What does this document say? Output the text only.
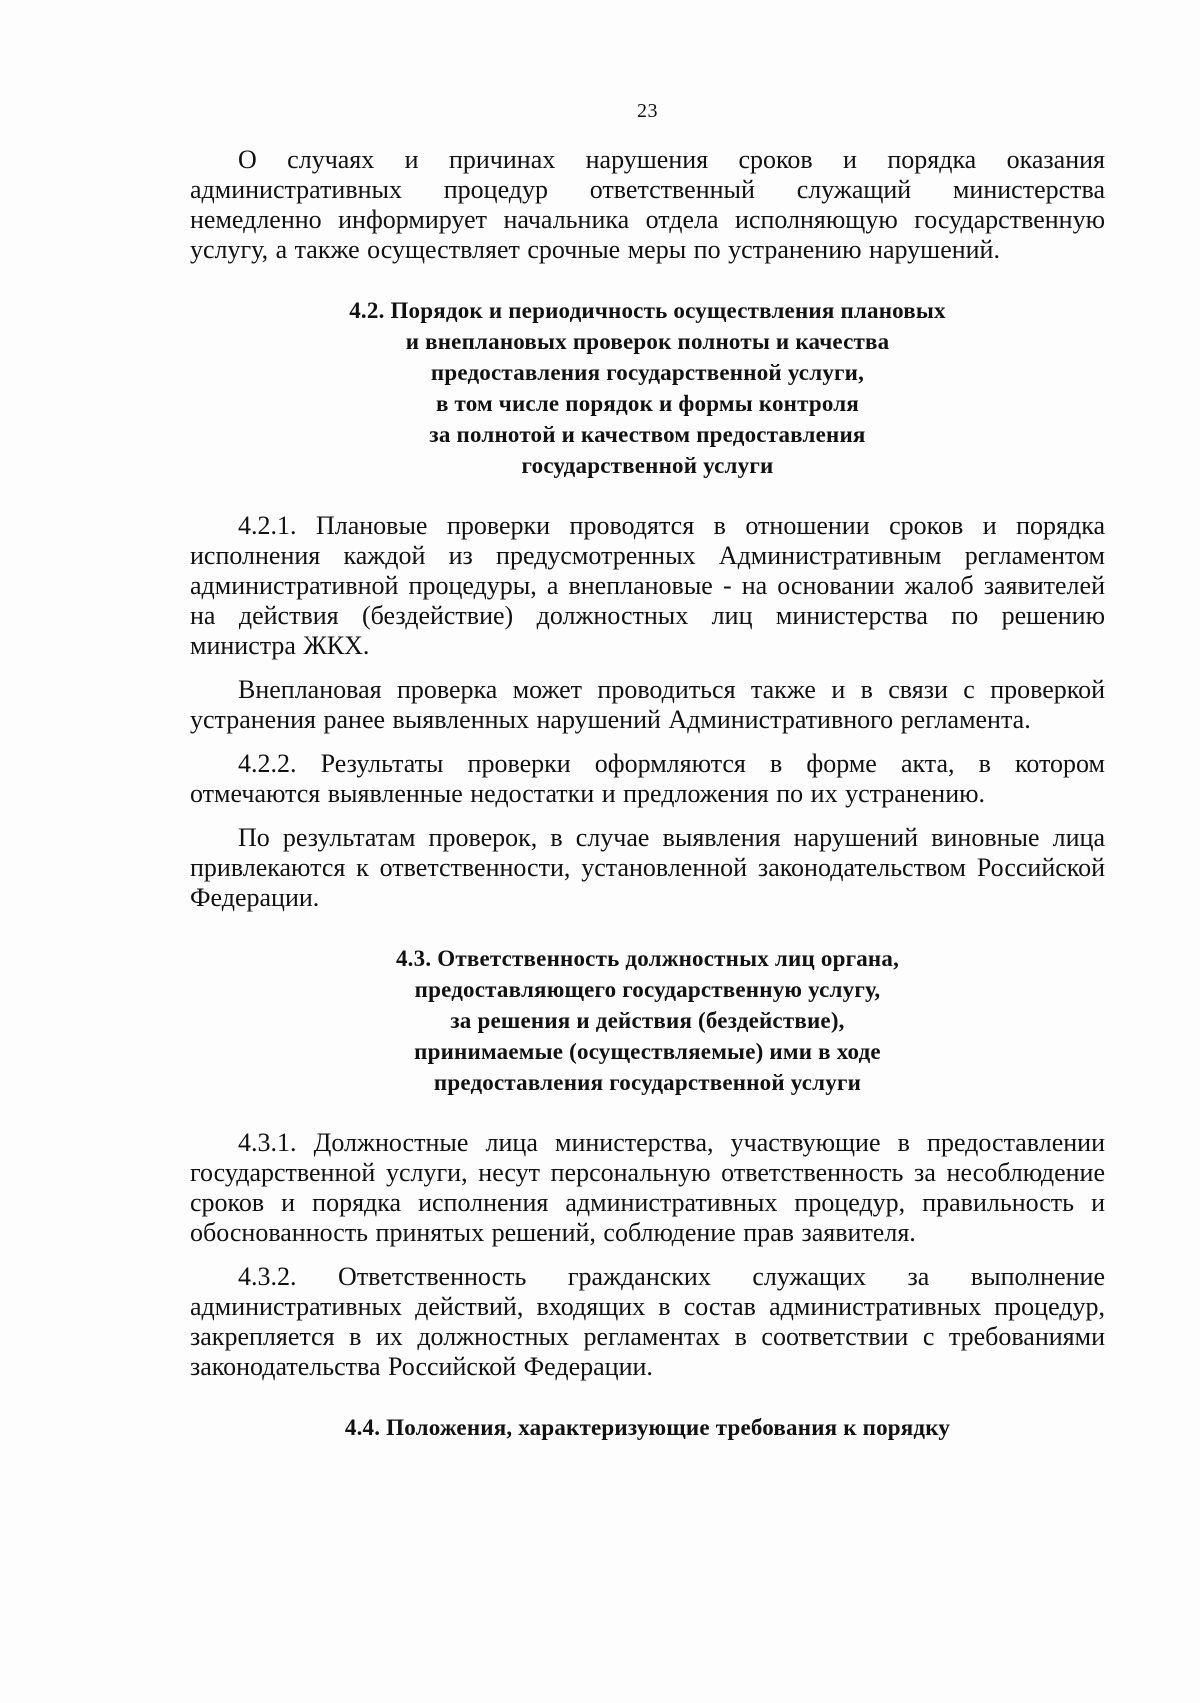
23

О случаях и причинах нарушения сроков и порядка оказания административных процедур ответственный служащий министерства немедленно информирует начальника отдела исполняющую государственную услугу, а также осуществляет срочные меры по устранению нарушений.

4.2. Порядок и периодичность осуществления плановых
и внеплановых проверок полноты и качества
предоставления государственной услуги,
в том числе порядок и формы контроля
за полнотой и качеством предоставления
государственной услуги

4.2.1. Плановые проверки проводятся в отношении сроков и порядка исполнения каждой из предусмотренных Административным регламентом административной процедуры, а внеплановые - на основании жалоб заявителей на действия (бездействие) должностных лиц министерства по решению министра ЖКХ.

Внеплановая проверка может проводиться также и в связи с проверкой устранения ранее выявленных нарушений Административного регламента.

4.2.2. Результаты проверки оформляются в форме акта, в котором отмечаются выявленные недостатки и предложения по их устранению.

По результатам проверок, в случае выявления нарушений виновные лица привлекаются к ответственности, установленной законодательством Российской Федерации.

4.3. Ответственность должностных лиц органа,
предоставляющего государственную услугу,
за решения и действия (бездействие),
принимаемые (осуществляемые) ими в ходе
предоставления государственной услуги

4.3.1. Должностные лица министерства, участвующие в предоставлении государственной услуги, несут персональную ответственность за несоблюдение сроков и порядка исполнения административных процедур, правильность и обоснованность принятых решений, соблюдение прав заявителя.

4.3.2. Ответственность гражданских служащих за выполнение административных действий, входящих в состав административных процедур, закрепляется в их должностных регламентах в соответствии с требованиями законодательства Российской Федерации.

4.4. Положения, характеризующие требования к порядку
